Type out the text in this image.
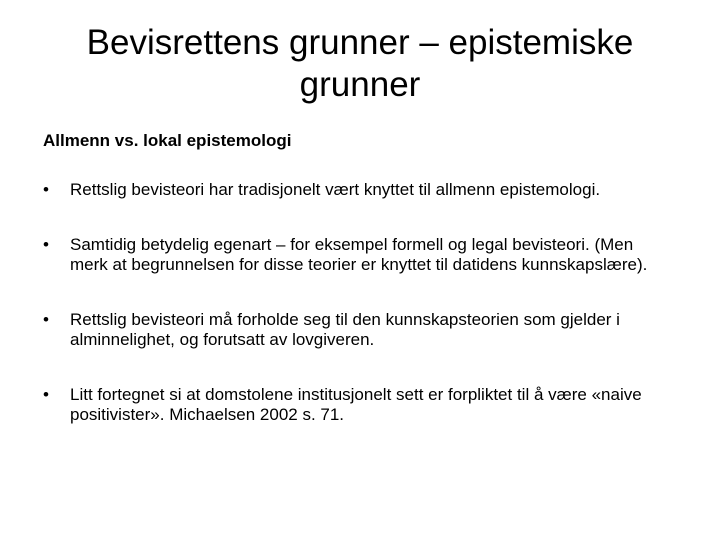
Bevisrettens grunner – epistemiske grunner

Allmenn vs. lokal epistemologi

•	Rettslig bevisteori har tradisjonelt vært knyttet til allmenn epistemologi.
•	Samtidig betydelig egenart – for eksempel formell og legal bevisteori. (Men merk at begrunnelsen for disse teorier er knyttet til datidens kunnskapslære).
•	Rettslig bevisteori må forholde seg til den kunnskapsteorien som gjelder i alminnelighet, og forutsatt av lovgiveren.
•	Litt fortegnet si at domstolene institusjonelt sett er forpliktet til å være «naive positivister». Michaelsen 2002 s. 71.
